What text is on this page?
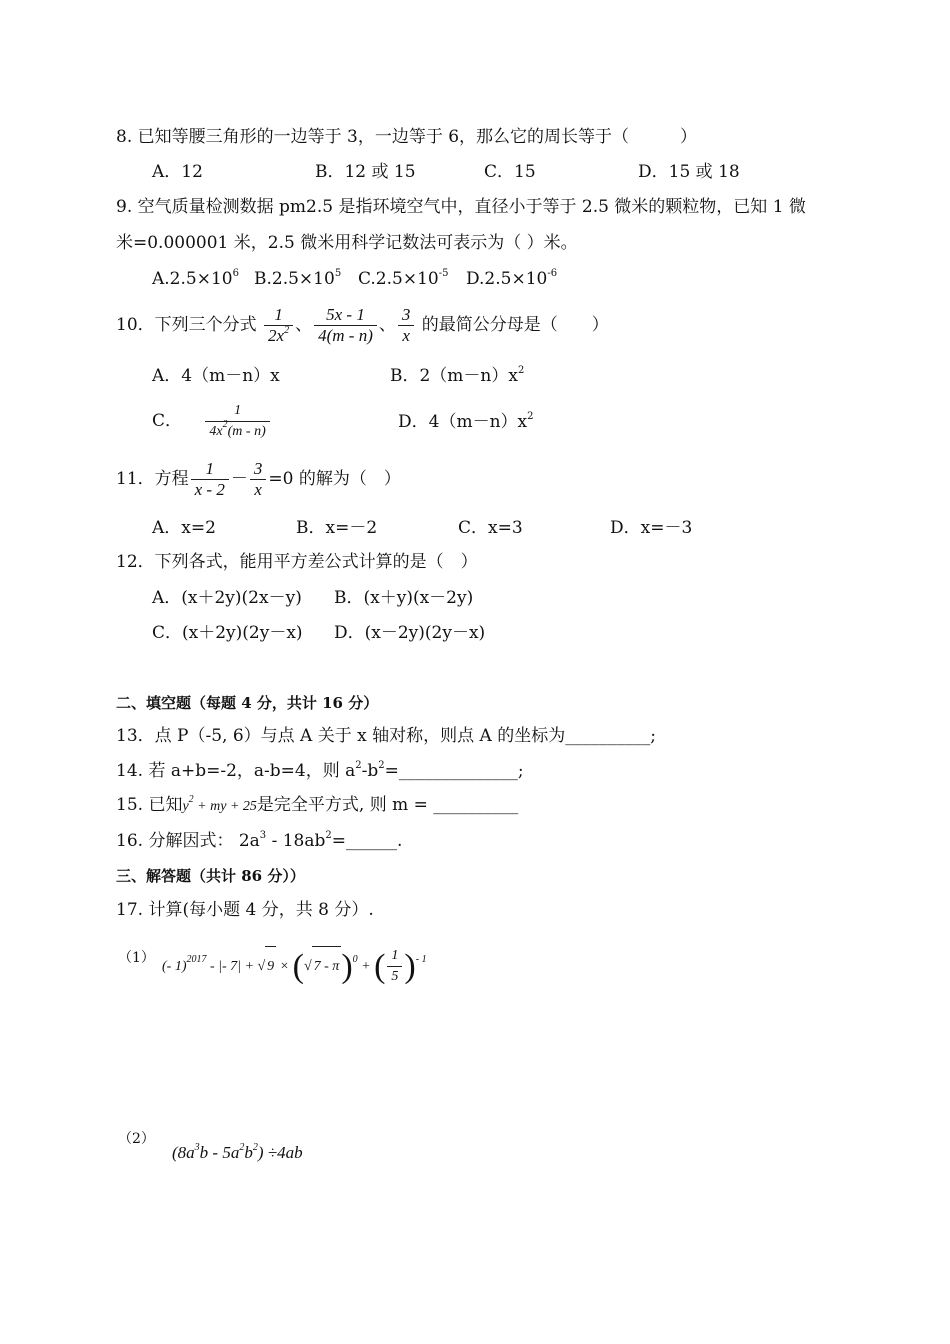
8. 已知等腰三角形的一边等于 3，一边等于 6，那么它的周长等于（　　　）
A．12	B．12 或 15	C．15	D．15 或 18
9. 空气质量检测数据 pm2.5 是指环境空气中，直径小于等于 2.5 微米的颗粒物，已知 1 微
米=0.000001 米，2.5 微米用科学记数法可表示为（ ）米。
$A.2.5\times 10^6$ $B.2.5\times 10^5$ $C.2.5\times 10^{-5}$ $D.2.5\times 10^{-6}$
10．下列三个分式 $\frac{1}{2x^2}$ 、 $\frac{5x - 1}{4(m - n)}$ 、 $\frac{3}{x}$ 的最简公分母是（　　）
A．4（m－n）x	B．$2(m-n)x^2$
C． $\frac{1}{4x^2(m - n)}$	D．$4(m-n)x^2$
11．方程 $\frac{1}{x - 2} - \frac{3}{x} =0$ 的解为（　）
A．x=2	B．x=－2	C．x=3	D．x=－3
12．下列各式，能用平方差公式计算的是（　）
A．(x＋2y)(2x－y) B．(x＋y)(x－2y)
C．(x＋2y)(2y－x) D．(x－2y)(2y－x)
二、填空题（每题 4 分，共计 16 分）
13．点 P（-5, 6）与点 A 关于 x 轴对称，则点 A 的坐标为__________;
14. 若 a+b=-2，a-b=4，则 $a^2-b^2=\_\_\_\_\_\_\_\_\_\_\_\_\_\_$;
15. 已知$y^2$ + my + 25是完全平方式, 则 m = __________
16. 分解因式： $2a^3$ - $18ab^2=\_\_\_\_\_\_$.
三、解答题（共计 86 分））
17. 计算(每小题 4 分，共 8 分）.
（1）
(- 1)$^{2017}$ - |- 7| + √ 9 × (√ 7 - π)$^0$ + ( $\frac{1}{5} )^{- 1}$
（2）
$(8a^3b - 5a^2b^2) \div 4ab$
